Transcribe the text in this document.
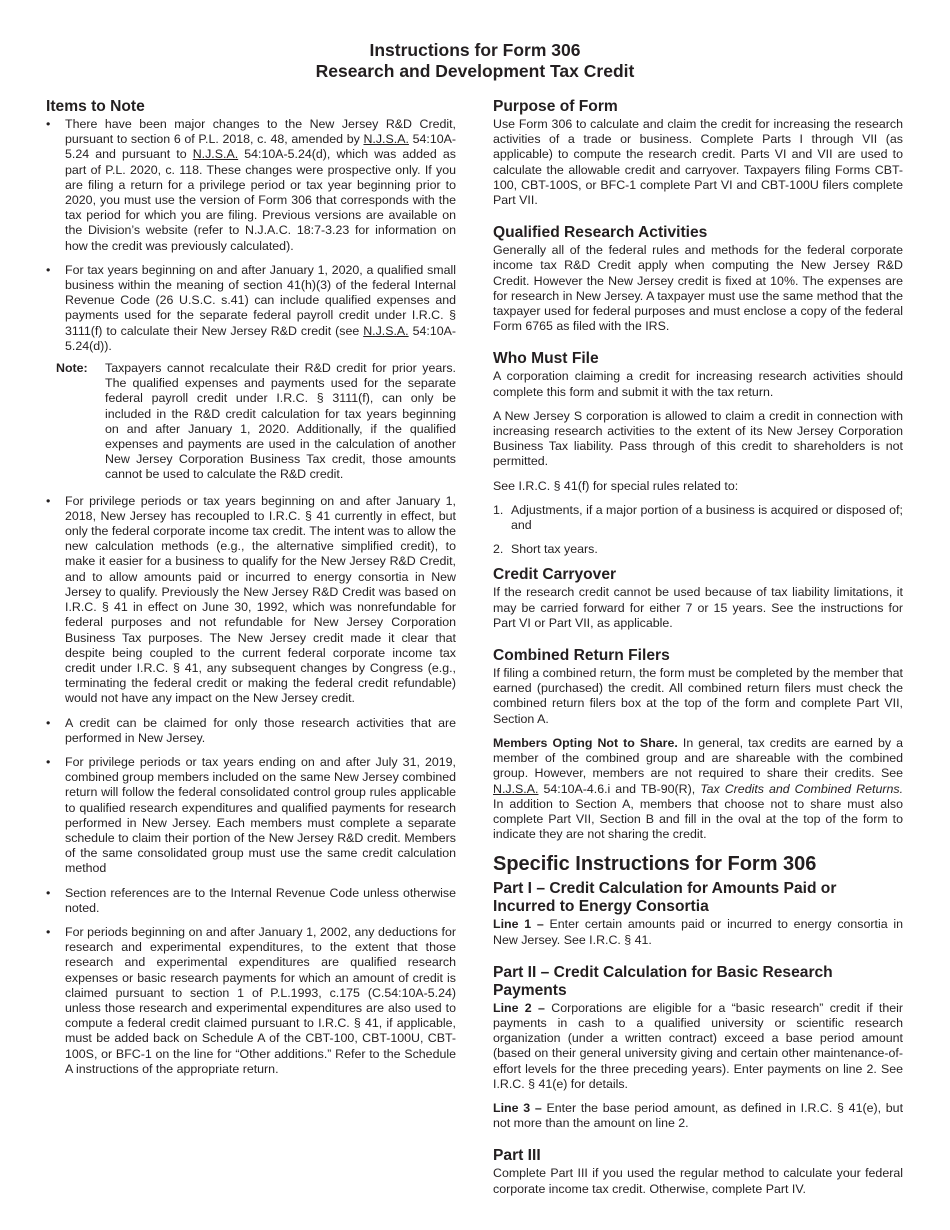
Instructions for Form 306
Research and Development Tax Credit
Items to Note
• There have been major changes to the New Jersey R&D Credit, pursuant to section 6 of P.L. 2018, c. 48, amended by N.J.S.A. 54:10A-5.24 and pursuant to N.J.S.A. 54:10A-5.24(d), which was added as part of P.L. 2020, c. 118. These changes were prospective only. If you are filing a return for a privilege period or tax year beginning prior to 2020, you must use the version of Form 306 that corresponds with the tax period for which you are filing. Previous versions are available on the Division’s website (refer to N.J.A.C. 18:7-3.23 for information on how the credit was previously calculated).
• For tax years beginning on and after January 1, 2020, a qualified small business within the meaning of section 41(h)(3) of the federal Internal Revenue Code (26 U.S.C. s.41) can include qualified expenses and payments used for the separate federal payroll credit under I.R.C. § 3111(f) to calculate their New Jersey R&D credit (see N.J.S.A. 54:10A-5.24(d)).
Note: Taxpayers cannot recalculate their R&D credit for prior years. The qualified expenses and payments used for the separate federal payroll credit under I.R.C. § 3111(f), can only be included in the R&D credit calculation for tax years beginning on and after January 1, 2020. Additionally, if the qualified expenses and payments are used in the calculation of another New Jersey Corporation Business Tax credit, those amounts cannot be used to calculate the R&D credit.
• For privilege periods or tax years beginning on and after January 1, 2018, New Jersey has recoupled to I.R.C. § 41 currently in effect, but only the federal corporate income tax credit. The intent was to allow the new calculation methods (e.g., the alternative simplified credit), to make it easier for a business to qualify for the New Jersey R&D Credit, and to allow amounts paid or incurred to energy consortia in New Jersey to qualify. Previously the New Jersey R&D Credit was based on I.R.C. § 41 in effect on June 30, 1992, which was nonrefundable for federal purposes and not refundable for New Jersey Corporation Business Tax purposes. The New Jersey credit made it clear that despite being coupled to the current federal corporate income tax credit under I.R.C. § 41, any subsequent changes by Congress (e.g., terminating the federal credit or making the federal credit refundable) would not have any impact on the New Jersey credit.
• A credit can be claimed for only those research activities that are performed in New Jersey.
• For privilege periods or tax years ending on and after July 31, 2019, combined group members included on the same New Jersey combined return will follow the federal consolidated control group rules applicable to qualified research expenditures and qualified payments for research performed in New Jersey. Each members must complete a separate schedule to claim their portion of the New Jersey R&D credit. Members of the same consolidated group must use the same credit calculation method
• Section references are to the Internal Revenue Code unless otherwise noted.
• For periods beginning on and after January 1, 2002, any deductions for research and experimental expenditures, to the extent that those research and experimental expenditures are qualified research expenses or basic research payments for which an amount of credit is claimed pursuant to section 1 of P.L.1993, c.175 (C.54:10A-5.24) unless those research and experimental expenditures are also used to compute a federal credit claimed pursuant to I.R.C. § 41, if applicable, must be added back on Schedule A of the CBT-100, CBT-100U, CBT-100S, or BFC-1 on the line for “Other additions.” Refer to the Schedule A instructions of the appropriate return.
Purpose of Form

Use Form 306 to calculate and claim the credit for increasing the research activities of a trade or business. Complete Parts I through VII (as applicable) to compute the research credit. Parts VI and VII are used to calculate the allowable credit and carryover. Taxpayers filing Forms CBT-100, CBT-100S, or BFC-1 complete Part VI and CBT-100U filers complete Part VII.

Qualified Research Activities

Generally all of the federal rules and methods for the federal corporate income tax R&D Credit apply when computing the New Jersey R&D Credit. However the New Jersey credit is fixed at 10%. The expenses are for research in New Jersey. A taxpayer must use the same method that the taxpayer used for federal purposes and must enclose a copy of the federal Form 6765 as filed with the IRS.

Who Must File

A corporation claiming a credit for increasing research activities should complete this form and submit it with the tax return.

A New Jersey S corporation is allowed to claim a credit in connection with increasing research activities to the extent of its New Jersey Corporation Business Tax liability. Pass through of this credit to shareholders is not permitted.

See I.R.C. § 41(f) for special rules related to:

1. Adjustments, if a major portion of a business is acquired or disposed of; and
2. Short tax years.
Credit Carryover

If the research credit cannot be used because of tax liability limitations, it may be carried forward for either 7 or 15 years. See the instructions for Part VI or Part VII, as applicable.

Combined Return Filers

If filing a combined return, the form must be completed by the member that earned (purchased) the credit. All combined return filers must check the combined return filers box at the top of the form and complete Part VII, Section A.

Members Opting Not to Share. In general, tax credits are earned by a member of the combined group and are shareable with the combined group. However, members are not required to share their credits. See N.J.S.A. 54:10A-4.6.i and TB-90(R), Tax Credits and Combined Returns. In addition to Section A, members that choose not to share must also complete Part VII, Section B and fill in the oval at the top of the form to indicate they are not sharing the credit.

Specific Instructions for Form 306
Part I – Credit Calculation for Amounts Paid or Incurred to Energy Consortia

Line 1 – Enter certain amounts paid or incurred to energy consortia in New Jersey. See I.R.C. § 41.

Part II – Credit Calculation for Basic Research Payments

Line 2 – Corporations are eligible for a “basic research” credit if their payments in cash to a qualified university or scientific research organization (under a written contract) exceed a base period amount (based on their general university giving and certain other maintenance-of-effort levels for the three preceding years). Enter payments on line 2. See I.R.C. § 41(e) for details.

Line 3 – Enter the base period amount, as defined in I.R.C. § 41(e), but not more than the amount on line 2.

Part III

Complete Part III if you used the regular method to calculate your federal corporate income tax credit. Otherwise, complete Part IV.
